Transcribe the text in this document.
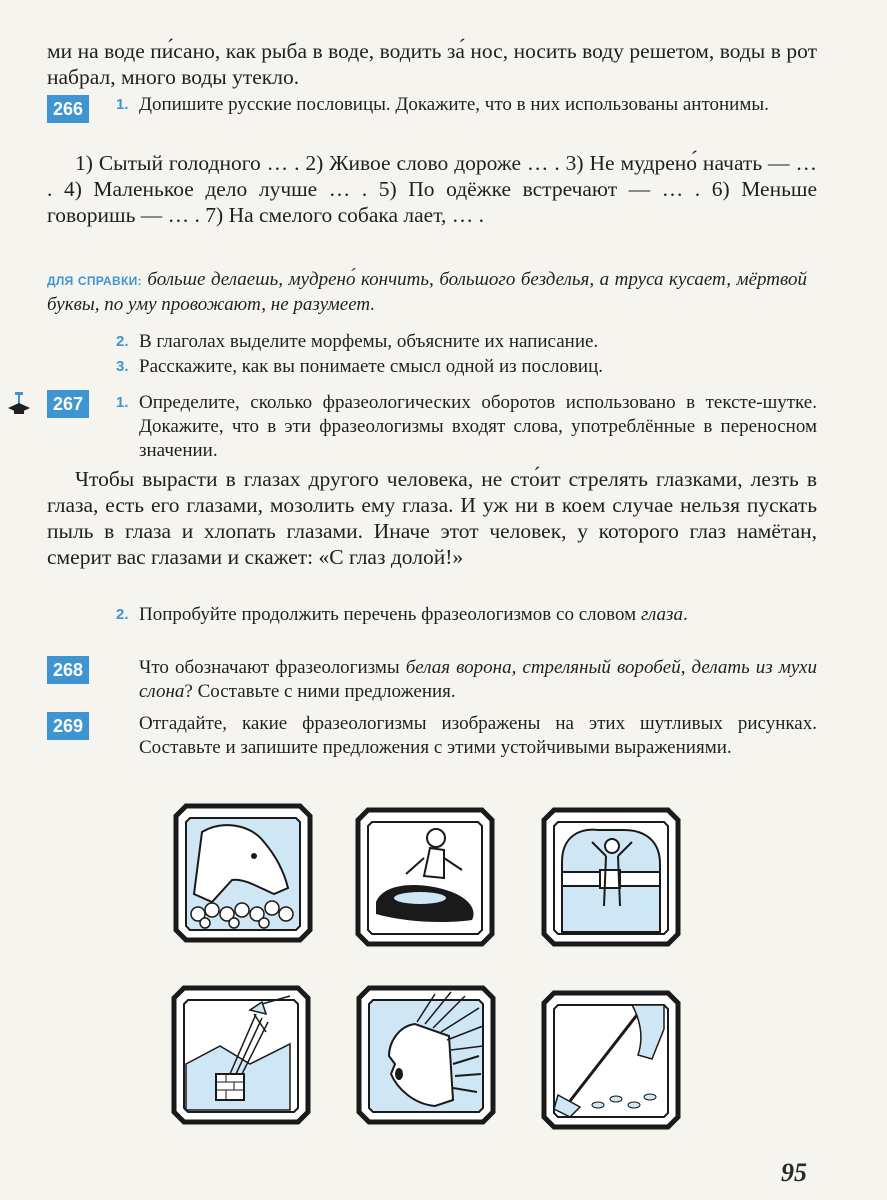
ми на воде пи́сано, как рыба в воде, водить за́ нос, носить воду решетом, воды в рот набрал, много воды утекло.

266	1. Допишите русские пословицы. Докажите, что в них использованы антонимы.

1) Сытый голодного … . 2) Живое слово дороже … . 3) Не мудрено́ начать — … . 4) Маленькое дело лучше … . 5) По одёжке встречают — … . 6) Меньше говоришь — … . 7) На смелого собака лает, … .

ДЛЯ СПРАВКИ: больше делаешь, мудрено́ кончить, большого безделья, а труса кусает, мёртвой буквы, по уму провожают, не разумеет.

2. В глаголах выделите морфемы, объясните их написание.

3. Расскажите, как вы понимаете смысл одной из пословиц.

267	1. Определите, сколько фразеологических оборотов использовано в тексте-шутке. Докажите, что в эти фразеологизмы входят слова, употреблённые в переносном значении.

Чтобы вырасти в глазах другого человека, не сто́ит стрелять глазками, лезть в глаза, есть его глазами, мозолить ему глаза. И уж ни в коем случае нельзя пускать пыль в глаза и хлопать глазами. Иначе этот человек, у которого глаз намётан, смерит вас глазами и скажет: «С глаз долой!»

2. Попробуйте продолжить перечень фразеологизмов со словом глаза.

268	Что обозначают фразеологизмы белая ворона, стреляный воробей, делать из мухи слона? Составьте с ними предложения.

269	Отгадайте, какие фразеологизмы изображены на этих шутливых рисунках. Составьте и запишите предложения с этими устойчивыми выражениями.

95
